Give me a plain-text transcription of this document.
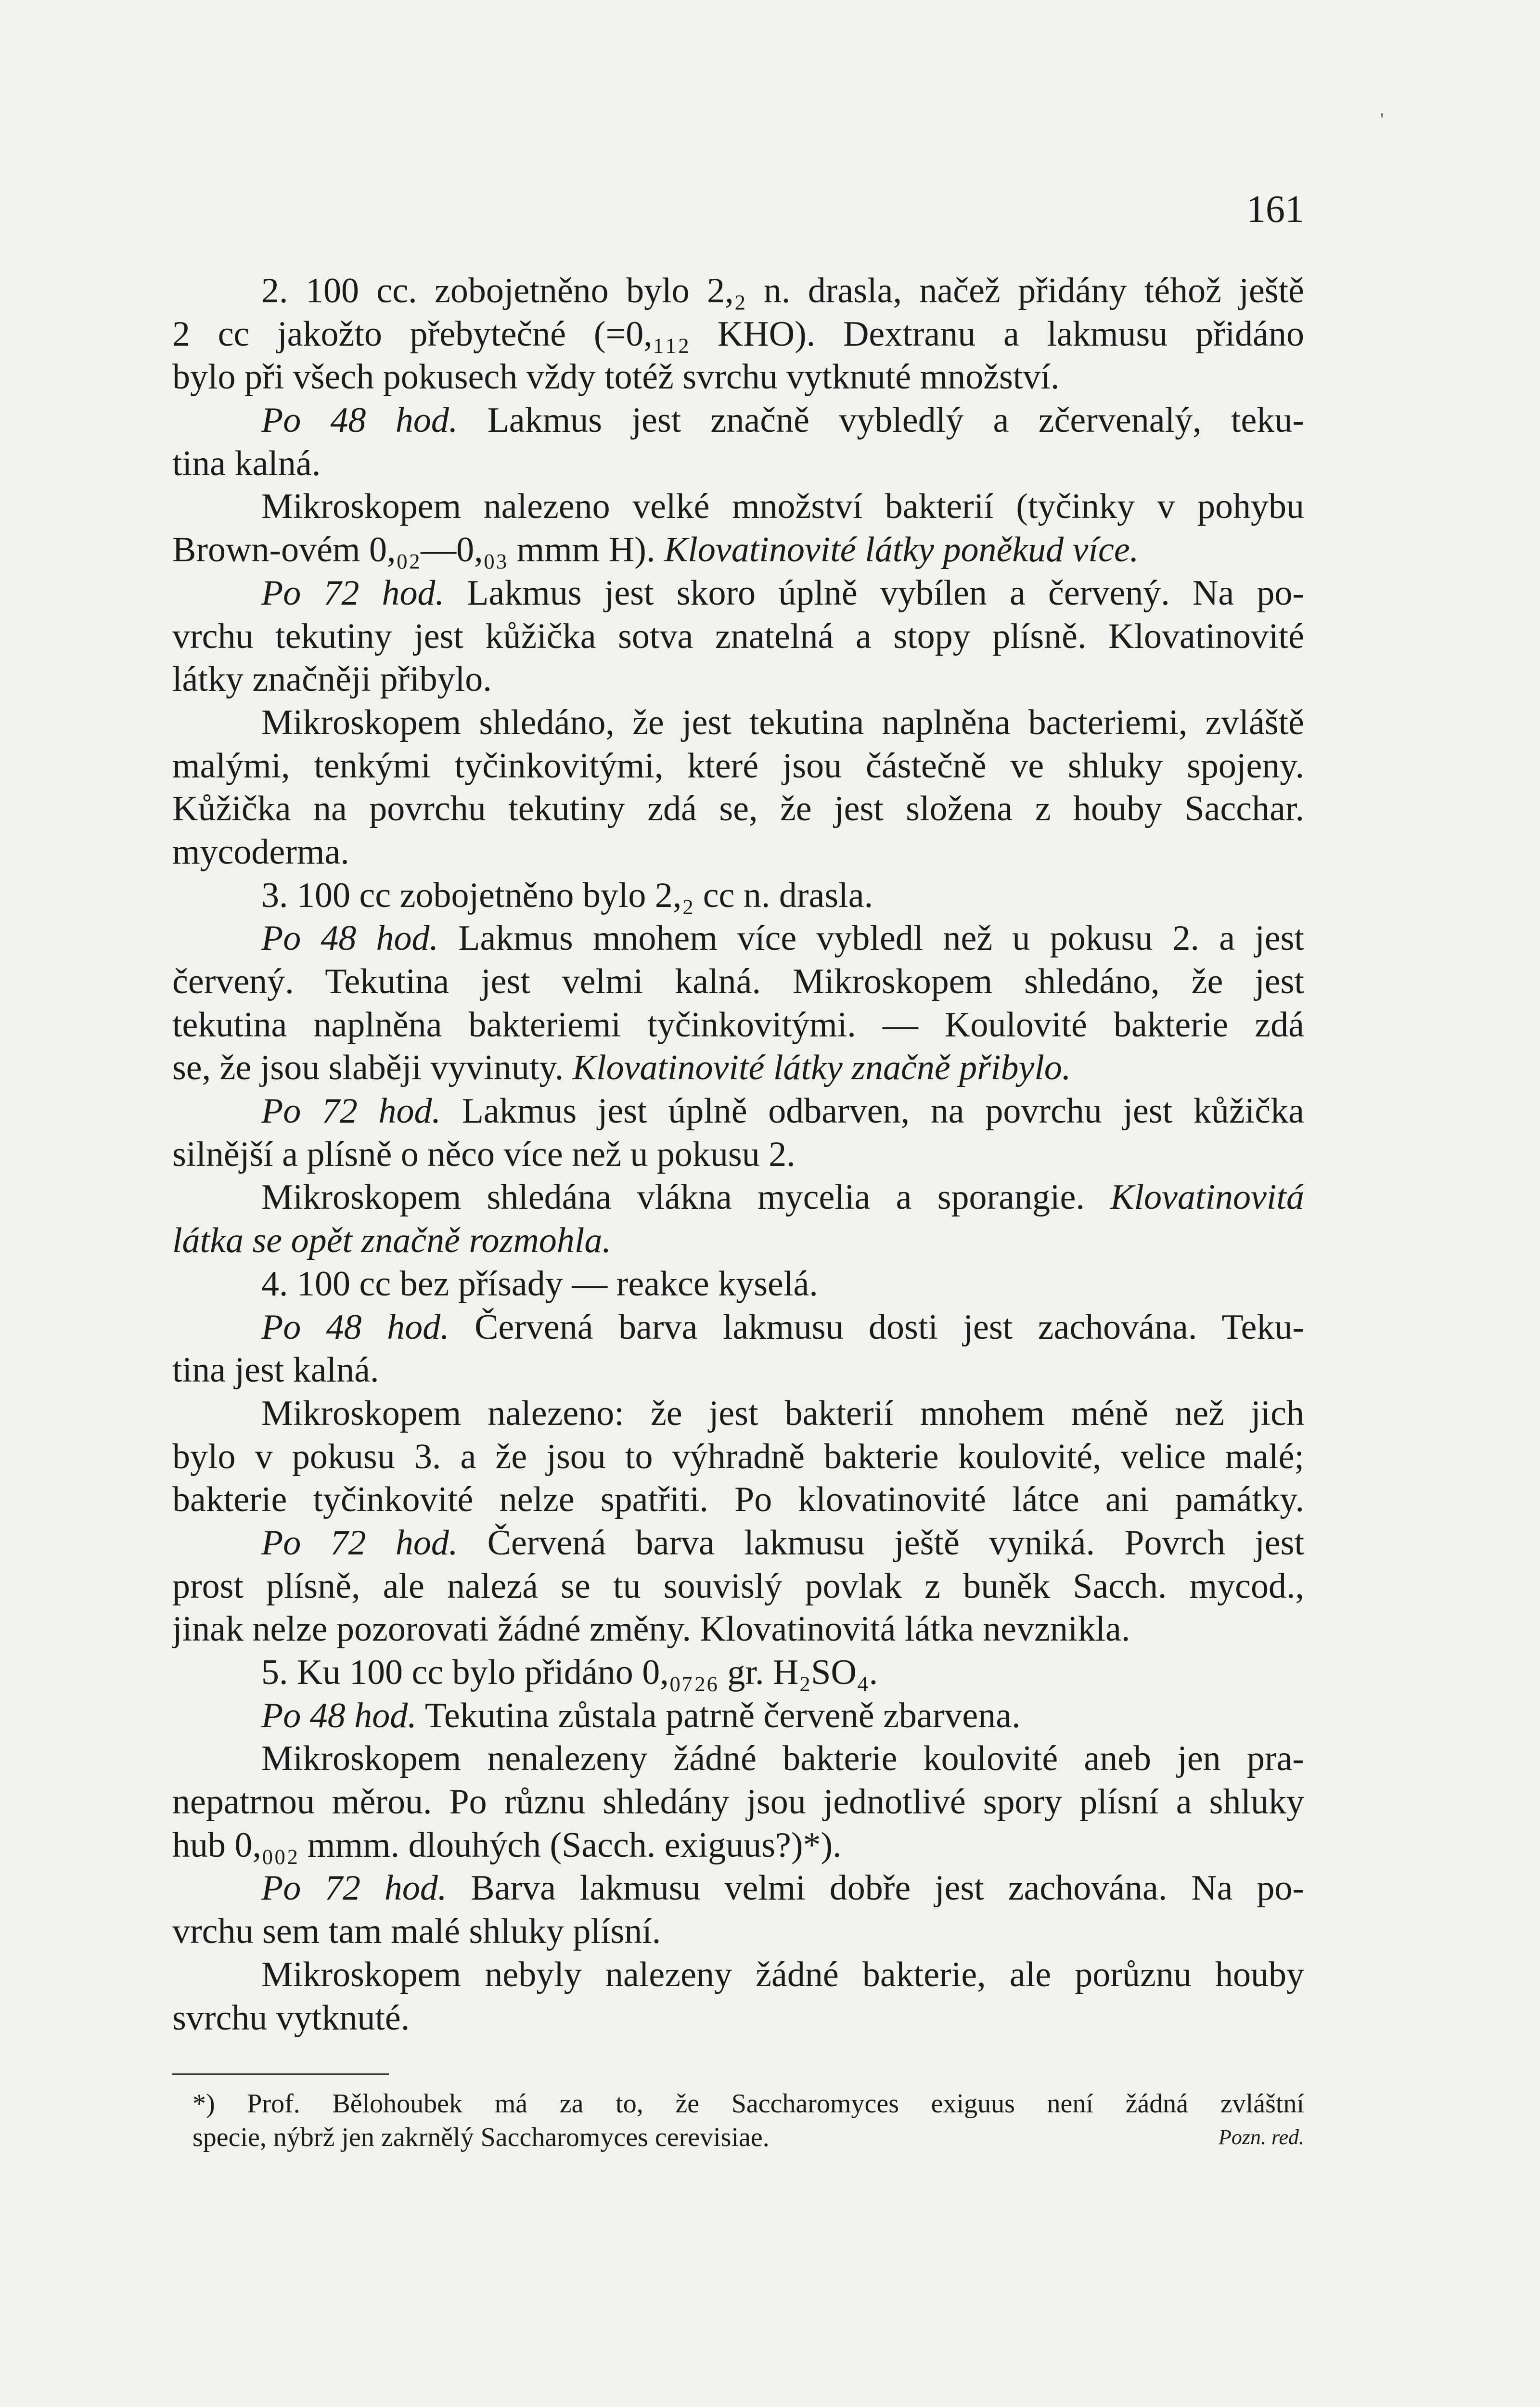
'
161
2. 100 cc. zobojetněno bylo 2,₂ n. drasla, načež přidány téhož ještě
2 cc jakožto přebytečné (=0,₁₁₂ KHO). Dextranu a lakmusu přidáno
bylo při všech pokusech vždy totéž svrchu vytknuté množství.
Po 48 hod. Lakmus jest značně vybledlý a zčervenalý, teku-
tina kalná.
Mikroskopem nalezeno velké množství bakterií (tyčinky v pohybu
Brown-ovém 0,₀₂—0,₀₃ mmm H). Klovatinovité látky poněkud více.
Po 72 hod. Lakmus jest skoro úplně vybílen a červený. Na po-
vrchu tekutiny jest kůžička sotva znatelná a stopy plísně. Klovatinovité
látky značněji přibylo.
Mikroskopem shledáno, že jest tekutina naplněna bacteriemi, zvláště
malými, tenkými tyčinkovitými, které jsou částečně ve shluky spojeny.
Kůžička na povrchu tekutiny zdá se, že jest složena z houby Sacchar.
mycoderma.
3. 100 cc zobojetněno bylo 2,₂ cc n. drasla.
Po 48 hod. Lakmus mnohem více vybledl než u pokusu 2. a jest
červený. Tekutina jest velmi kalná. Mikroskopem shledáno, že jest
tekutina naplněna bakteriemi tyčinkovitými. — Koulovité bakterie zdá
se, že jsou slaběji vyvinuty. Klovatinovité látky značně přibylo.
Po 72 hod. Lakmus jest úplně odbarven, na povrchu jest kůžička
silnější a plísně o něco více než u pokusu 2.
Mikroskopem shledána vlákna mycelia a sporangie. Klovatinovitá
látka se opět značně rozmohla.
4. 100 cc bez přísady — reakce kyselá.
Po 48 hod. Červená barva lakmusu dosti jest zachována. Teku-
tina jest kalná.
Mikroskopem nalezeno: že jest bakterií mnohem méně než jich
bylo v pokusu 3. a že jsou to výhradně bakterie koulovité, velice malé;
bakterie tyčinkovité nelze spatřiti. Po klovatinovité látce ani památky.
Po 72 hod. Červená barva lakmusu ještě vyniká. Povrch jest
prost plísně, ale nalezá se tu souvislý povlak z buněk Sacch. mycod.,
jinak nelze pozorovati žádné změny. Klovatinovitá látka nevznikla.
5. Ku 100 cc bylo přidáno 0,₀₇₂₆ gr. H₂SO₄.
Po 48 hod. Tekutina zůstala patrně červeně zbarvena.
Mikroskopem nenalezeny žádné bakterie koulovité aneb jen pra-
nepatrnou měrou. Po různu shledány jsou jednotlivé spory plísní a shluky
hub 0,₀₀₂ mmm. dlouhých (Sacch. exiguus?)*).
Po 72 hod. Barva lakmusu velmi dobře jest zachována. Na po-
vrchu sem tam malé shluky plísní.
Mikroskopem nebyly nalezeny žádné bakterie, ale porůznu houby
svrchu vytknuté.
*) Prof. Bělohoubek má za to, že Saccharomyces exiguus není žádná zvláštní
specie, nýbrž jen zakrnělý Saccharomyces cerevisiae.	Pozn. red.
